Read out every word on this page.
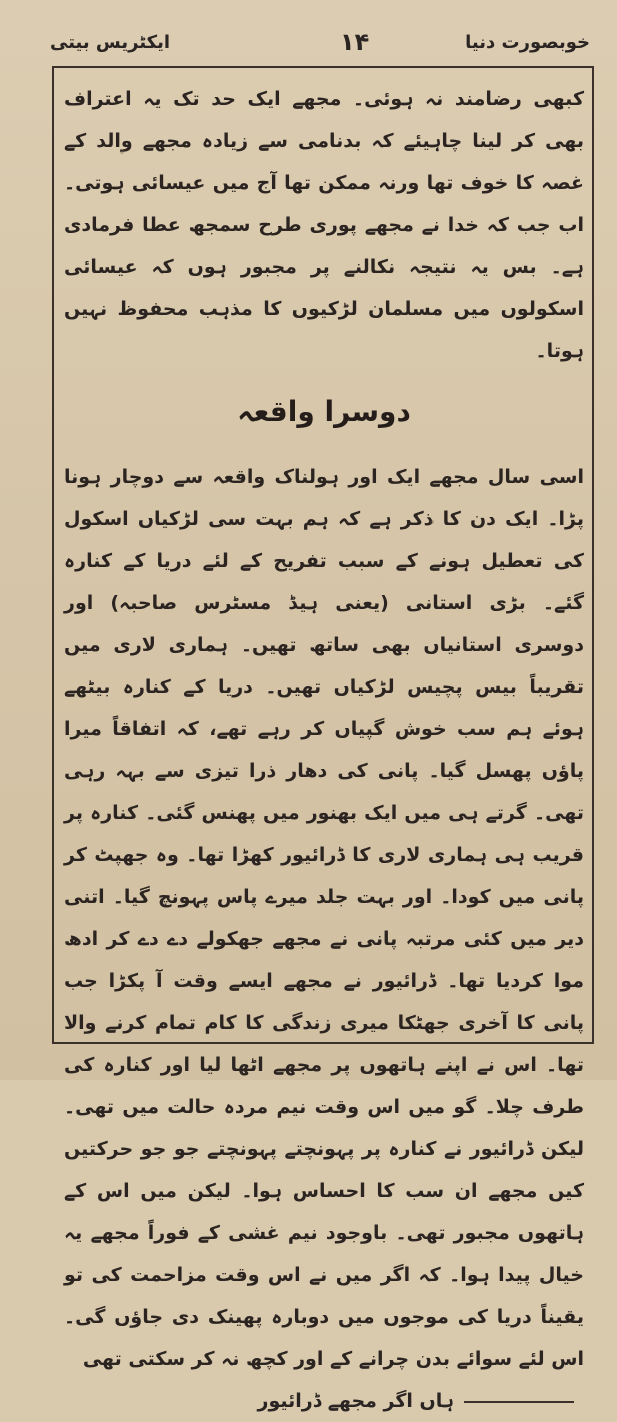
ایکٹریس بیتی	۱۴	خوبصورت دنیا

کبھی رضامند نہ ہوئی۔ مجھے ایک حد تک یہ اعتراف بھی کر لینا چاہیئے کہ بدنامی سے زیادہ مجھے والد کے غصہ کا خوف تھا ورنہ ممکن تھا آج میں عیسائی ہوتی۔ اب جب کہ خدا نے مجھے پوری طرح سمجھ عطا فرمادی ہے۔ بس یہ نتیجہ نکالنے پر مجبور ہوں کہ عیسائی اسکولوں میں مسلمان لڑکیوں کا مذہب محفوظ نہیں ہوتا۔

دوسرا واقعہ

اسی سال مجھے ایک اور ہولناک واقعہ سے دوچار ہونا پڑا۔ ایک دن کا ذکر ہے کہ ہم بہت سی لڑکیاں اسکول کی تعطیل ہونے کے سبب تفریح کے لئے دریا کے کنارہ گئے۔ بڑی استانی (یعنی ہیڈ مسٹرس صاحبہ) اور دوسری استانیاں بھی ساتھ تھیں۔ ہماری لاری میں تقریباً بیس پچیس لڑکیاں تھیں۔ دریا کے کنارہ بیٹھے ہوئے ہم سب خوش گپیاں کر رہے تھے، کہ اتفاقاً میرا پاؤں پھسل گیا۔ پانی کی دھار ذرا تیزی سے بہہ رہی تھی۔ گرتے ہی میں ایک بھنور میں پھنس گئی۔ کنارہ پر قریب ہی ہماری لاری کا ڈرائیور کھڑا تھا۔ وہ جھپٹ کر پانی میں کودا۔ اور بہت جلد میرے پاس پہونچ گیا۔ اتنی دیر میں کئی مرتبہ پانی نے مجھے جھکولے دے دے کر ادھ موا کردیا تھا۔ ڈرائیور نے مجھے ایسے وقت آ پکڑا جب پانی کا آخری جھٹکا میری زندگی کا کام تمام کرنے والا تھا۔ اس نے اپنے ہاتھوں پر مجھے اٹھا لیا اور کنارہ کی طرف چلا۔ گو میں اس وقت نیم مردہ حالت میں تھی۔ لیکن ڈرائیور نے کنارہ پر پہونچتے پہونچتے جو جو حرکتیں کیں مجھے ان سب کا احساس ہوا۔ لیکن میں اس کے ہاتھوں مجبور تھی۔ باوجود نیم غشی کے فوراً مجھے یہ خیال پیدا ہوا۔ کہ اگر میں نے اس وقت مزاحمت کی تو یقیناً دریا کی موجوں میں دوبارہ پھینک دی جاؤں گی۔ اس لئے سوائے بدن چرانے کے اور کچھ نہ کر سکتی تھی

ہاں اگر مجھے ڈرائیور
